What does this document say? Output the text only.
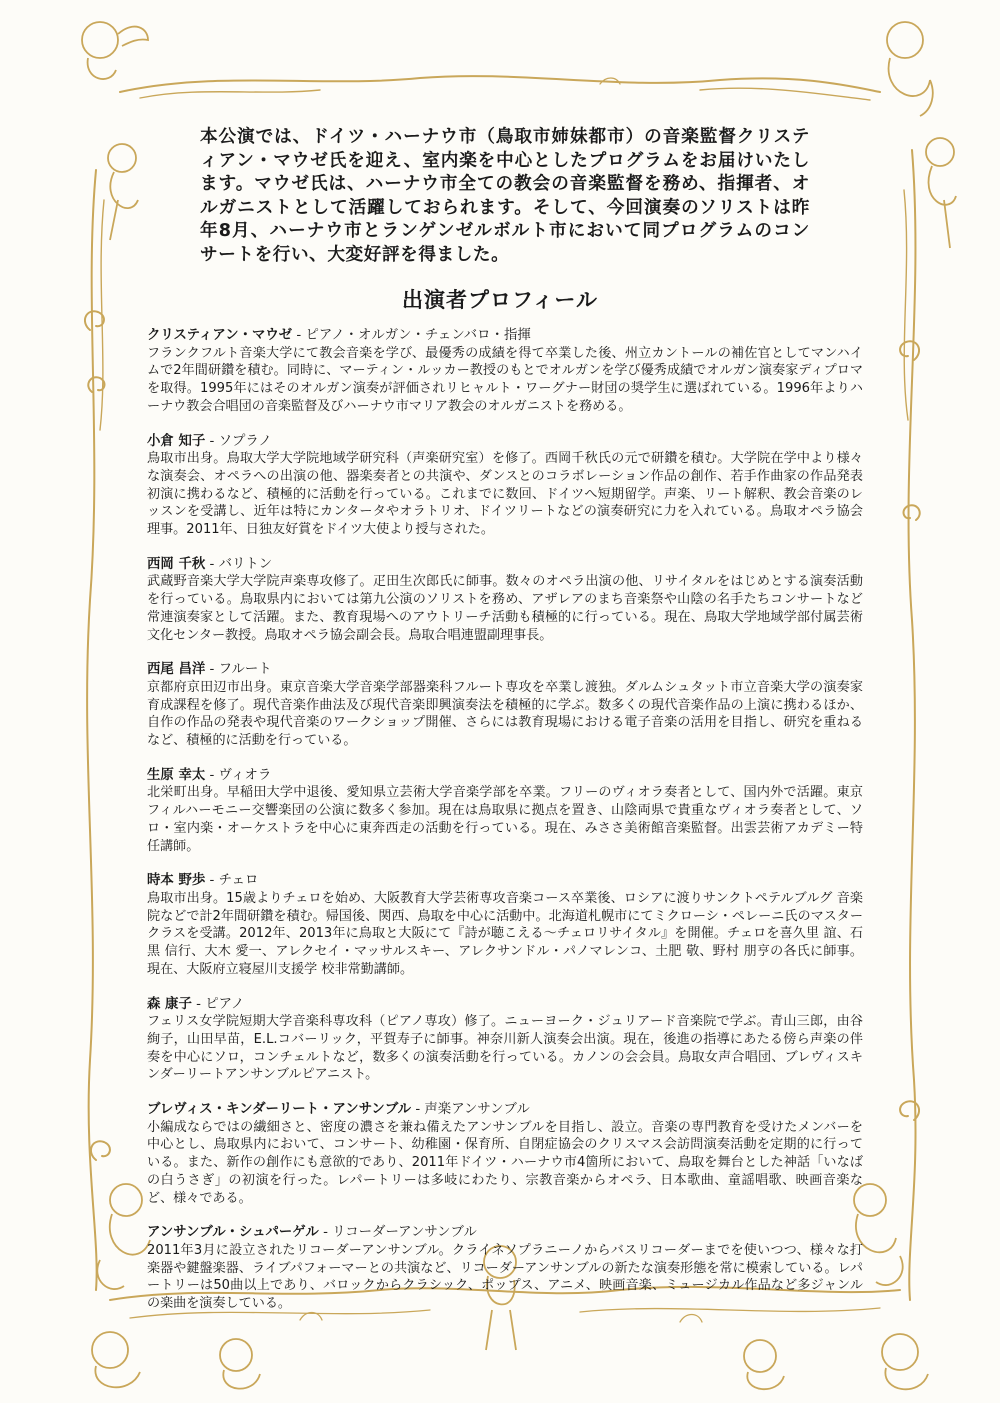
本公演では、ドイツ・ハーナウ市（鳥取市姉妹都市）の音楽監督クリスティアン・マウゼ氏を迎え、室内楽を中心としたプログラムをお届けいたします。マウゼ氏は、ハーナウ市全ての教会の音楽監督を務め、指揮者、オルガニストとして活躍しておられます。そして、今回演奏のソリストは昨年8月、ハーナウ市とランゲンゼルボルト市において同プログラムのコンサートを行い、大変好評を得ました。
出演者プロフィール
クリスティアン・マウゼ - ピアノ・オルガン・チェンバロ・指揮
フランクフルト音楽大学にて教会音楽を学び、最優秀の成績を得て卒業した後、州立カントールの補佐官としてマンハイムで2年間研鑽を積む。同時に、マーティン・ルッカー教授のもとでオルガンを学び優秀成績でオルガン演奏家ディプロマを取得。1995年にはそのオルガン演奏が評価されリヒャルト・ワーグナー財団の奨学生に選ばれている。1996年よりハーナウ教会合唱団の音楽監督及びハーナウ市マリア教会のオルガニストを務める。
小倉 知子 - ソプラノ
鳥取市出身。鳥取大学大学院地域学研究科（声楽研究室）を修了。西岡千秋氏の元で研鑽を積む。大学院在学中より様々な演奏会、オペラへの出演の他、器楽奏者との共演や、ダンスとのコラボレーション作品の創作、若手作曲家の作品発表初演に携わるなど、積極的に活動を行っている。これまでに数回、ドイツへ短期留学。声楽、リート解釈、教会音楽のレッスンを受講し、近年は特にカンタータやオラトリオ、ドイツリートなどの演奏研究に力を入れている。鳥取オペラ協会理事。2011年、日独友好賞をドイツ大使より授与された。
西岡 千秋 - バリトン
武蔵野音楽大学大学院声楽専攻修了。疋田生次郎氏に師事。数々のオペラ出演の他、リサイタルをはじめとする演奏活動を行っている。鳥取県内においては第九公演のソリストを務め、アザレアのまち音楽祭や山陰の名手たちコンサートなど常連演奏家として活躍。また、教育現場へのアウトリーチ活動も積極的に行っている。現在、鳥取大学地域学部付属芸術文化センター教授。鳥取オペラ協会副会長。鳥取合唱連盟副理事長。
西尾 昌洋 - フルート
京都府京田辺市出身。東京音楽大学音楽学部器楽科フルート専攻を卒業し渡独。ダルムシュタット市立音楽大学の演奏家育成課程を修了。現代音楽作曲法及び現代音楽即興演奏法を積極的に学ぶ。数多くの現代音楽作品の上演に携わるほか、自作の作品の発表や現代音楽のワークショップ開催、さらには教育現場における電子音楽の活用を目指し、研究を重ねるなど、積極的に活動を行っている。
生原 幸太 - ヴィオラ
北栄町出身。早稲田大学中退後、愛知県立芸術大学音楽学部を卒業。フリーのヴィオラ奏者として、国内外で活躍。東京フィルハーモニー交響楽団の公演に数多く参加。現在は鳥取県に拠点を置き、山陰両県で貴重なヴィオラ奏者として、ソロ・室内楽・オーケストラを中心に東奔西走の活動を行っている。現在、みささ美術館音楽監督。出雲芸術アカデミー特任講師。
時本 野歩 - チェロ
鳥取市出身。15歳よりチェロを始め、大阪教育大学芸術専攻音楽コース卒業後、ロシアに渡りサンクトペテルブルグ 音楽院などで計2年間研鑽を積む。帰国後、関西、鳥取を中心に活動中。北海道札幌市にてミクローシ・ペレーニ氏のマスタークラスを受講。2012年、2013年に鳥取と大阪にて『詩が聴こえる〜チェロリサイタル』を開催。チェロを喜久里 誼、石黒 信行、大木 愛一、アレクセイ・マッサルスキー、アレクサンドル・パノマレンコ、土肥 敬、野村 朋亨の各氏に師事。現在、大阪府立寝屋川支援学 校非常勤講師。
森 康子 - ピアノ
フェリス女学院短期大学音楽科専攻科（ピアノ専攻）修了。ニューヨーク・ジュリアード音楽院で学ぶ。青山三郎，由谷絢子，山田早苗，E.L.コバーリック，平賀寿子に師事。神奈川新人演奏会出演。現在，後進の指導にあたる傍ら声楽の伴奏を中心にソロ，コンチェルトなど，数多くの演奏活動を行っている。カノンの会会員。鳥取女声合唱団、ブレヴィスキンダーリートアンサンブルピアニスト。
ブレヴィス・キンダーリート・アンサンブル - 声楽アンサンブル
小編成ならではの繊細さと、密度の濃さを兼ね備えたアンサンブルを目指し、設立。音楽の専門教育を受けたメンバーを中心とし、鳥取県内において、コンサート、幼稚園・保育所、自閉症協会のクリスマス会訪問演奏活動を定期的に行っている。また、新作の創作にも意欲的であり、2011年ドイツ・ハーナウ市4箇所において、鳥取を舞台とした神話「いなばの白うさぎ」の初演を行った。レパートリーは多岐にわたり、宗教音楽からオペラ、日本歌曲、童謡唱歌、映画音楽など、様々である。
アンサンブル・シュパーゲル - リコーダーアンサンブル
2011年3月に設立されたリコーダーアンサンブル。クライネソプラニーノからバスリコーダーまでを使いつつ、様々な打楽器や鍵盤楽器、ライブパフォーマーとの共演など、リコーダーアンサンブルの新たな演奏形態を常に模索している。レパートリーは50曲以上であり、バロックからクラシック、ポップス、アニメ、映画音楽、ミュージカル作品など多ジャンルの楽曲を演奏している。
